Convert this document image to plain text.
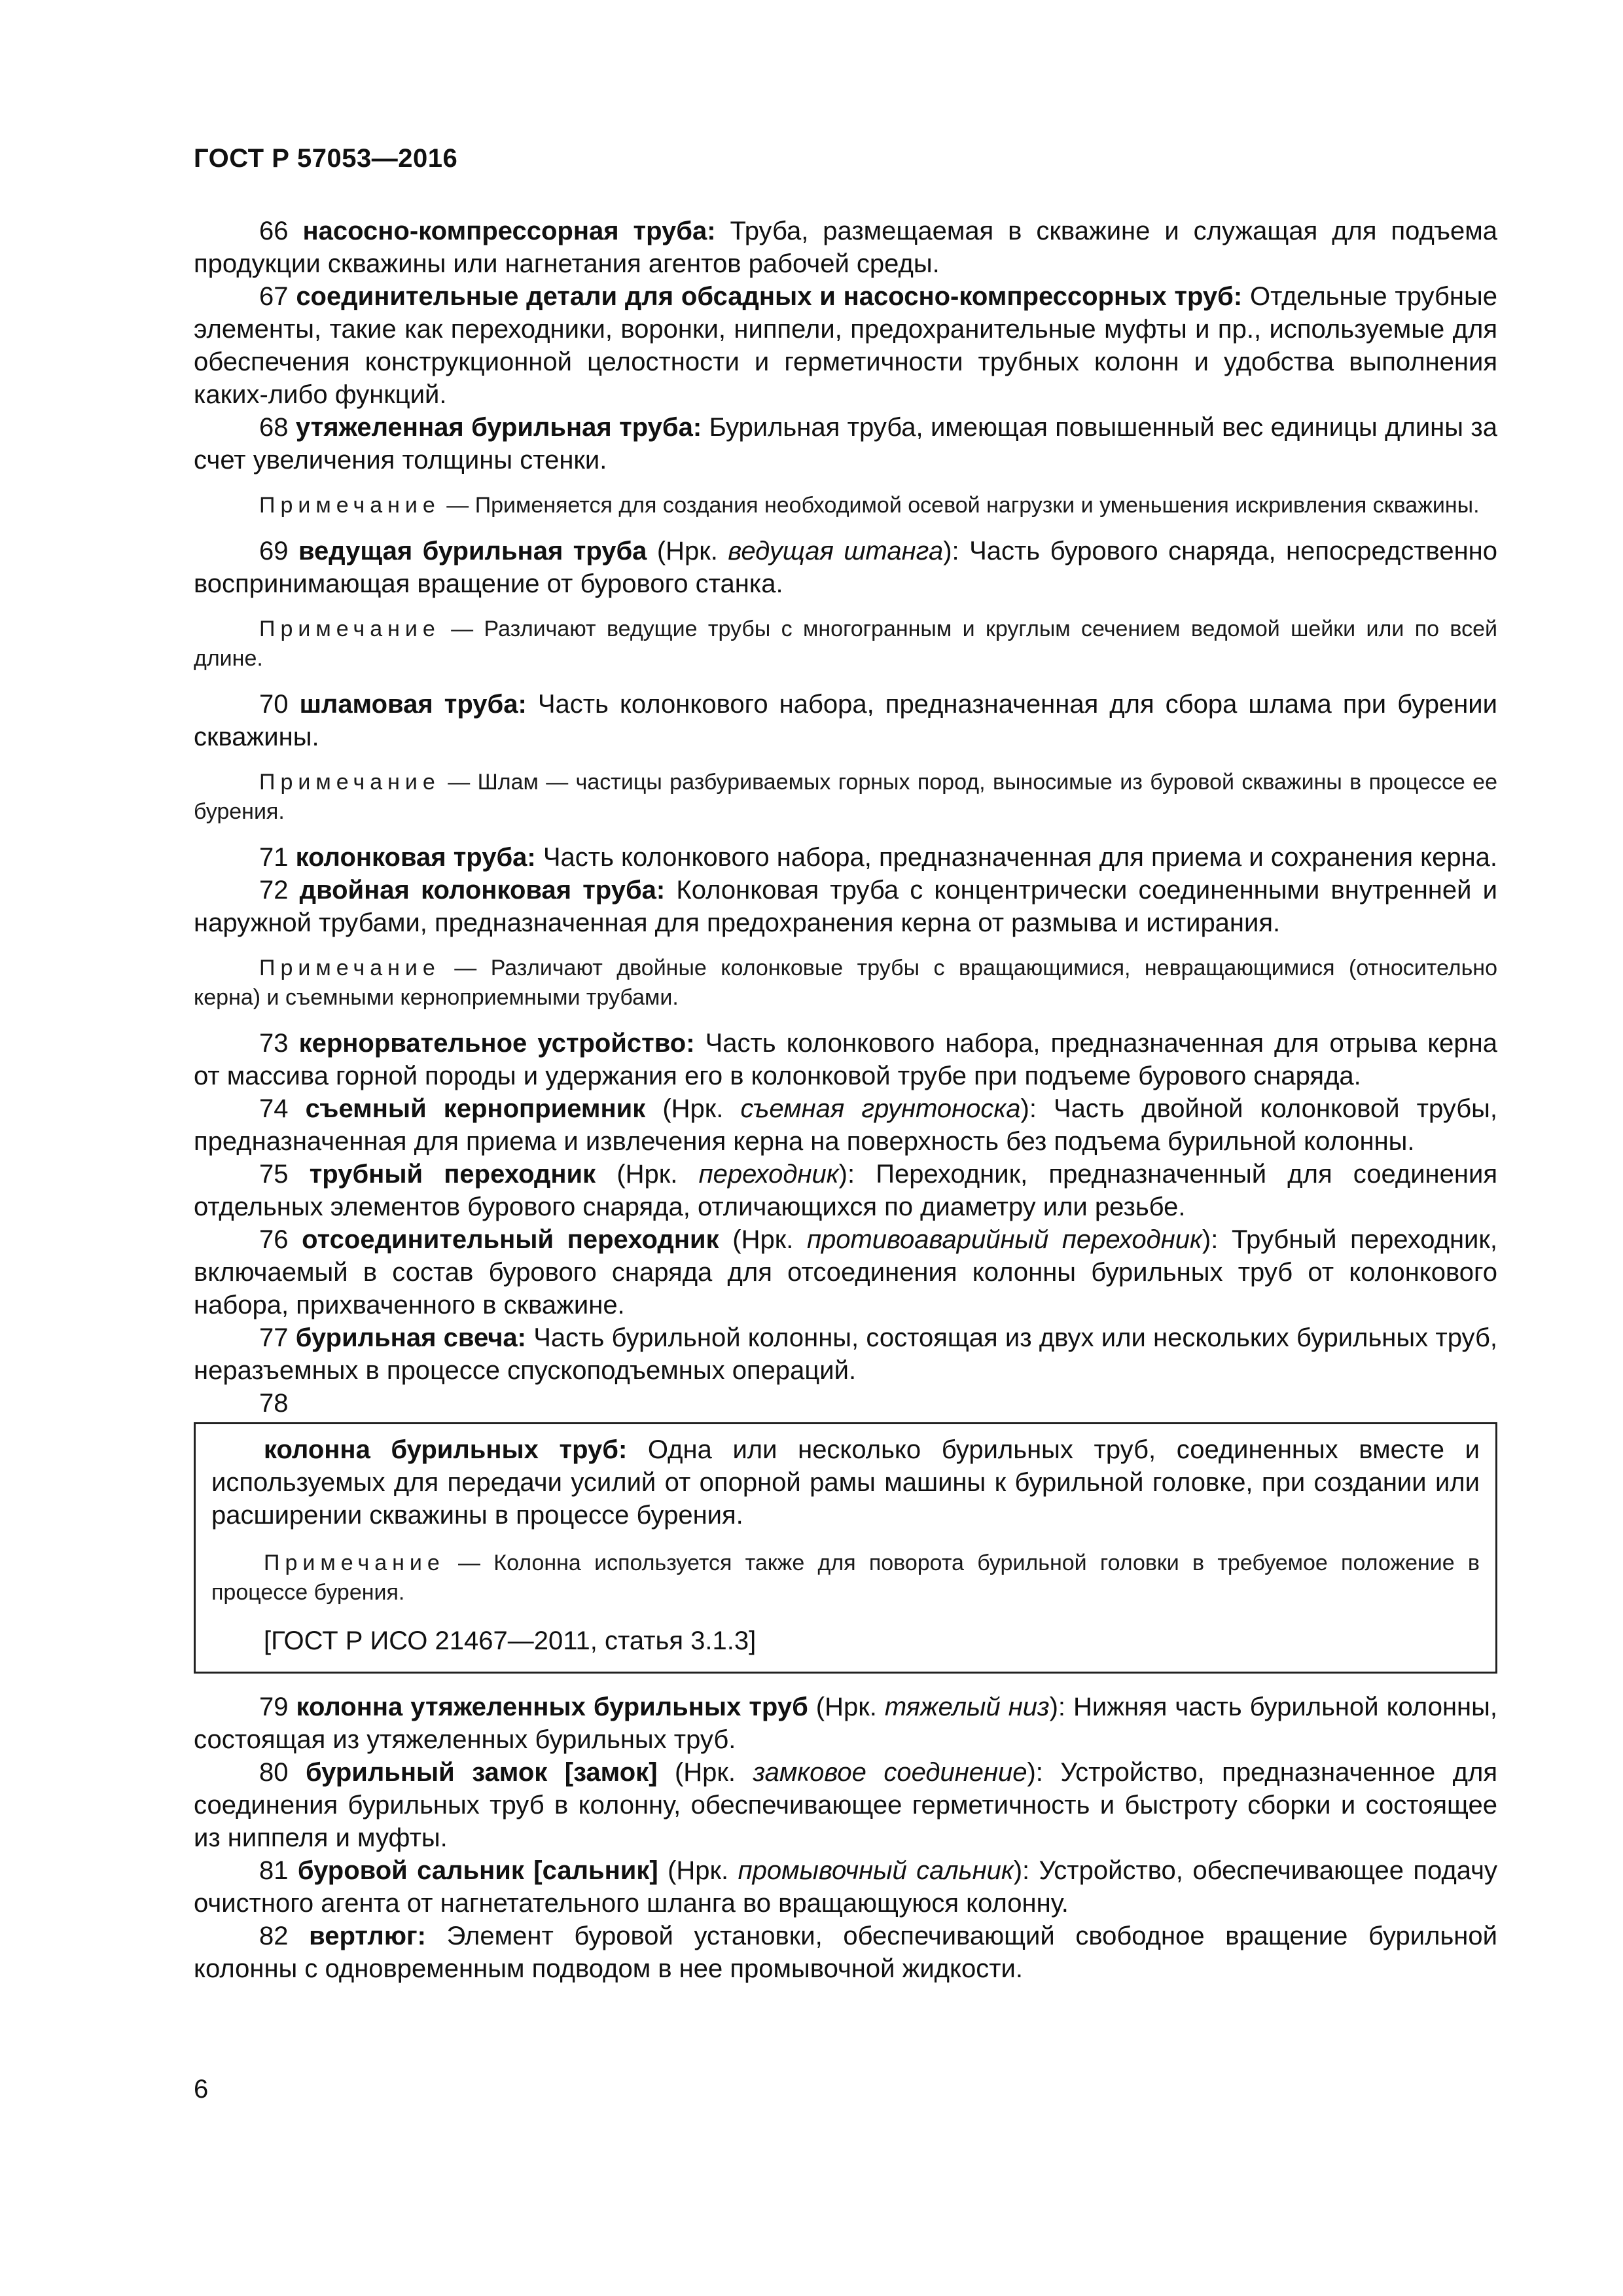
ГОСТ Р 57053—2016

66 насосно-компрессорная труба: Труба, размещаемая в скважине и служащая для подъема продукции скважины или нагнетания агентов рабочей среды.

67 соединительные детали для обсадных и насосно-компрессорных труб: Отдельные трубные элементы, такие как переходники, воронки, ниппели, предохранительные муфты и пр., используемые для обеспечения конструкционной целостности и герметичности трубных колонн и удобства выполнения каких-либо функций.

68 утяжеленная бурильная труба: Бурильная труба, имеющая повышенный вес единицы длины за счет увеличения толщины стенки.

Примечание — Применяется для создания необходимой осевой нагрузки и уменьшения искривления скважины.

69 ведущая бурильная труба (Нрк. ведущая штанга): Часть бурового снаряда, непосредственно воспринимающая вращение от бурового станка.

Примечание — Различают ведущие трубы с многогранным и круглым сечением ведомой шейки или по всей длине.

70 шламовая труба: Часть колонкового набора, предназначенная для сбора шлама при бурении скважины.

Примечание — Шлам — частицы разбуриваемых горных пород, выносимые из буровой скважины в процессе ее бурения.

71 колонковая труба: Часть колонкового набора, предназначенная для приема и сохранения керна.

72 двойная колонковая труба: Колонковая труба с концентрически соединенными внутренней и наружной трубами, предназначенная для предохранения керна от размыва и истирания.

Примечание — Различают двойные колонковые трубы с вращающимися, невращающимися (относительно керна) и съемными керноприемными трубами.

73 кернорвательное устройство: Часть колонкового набора, предназначенная для отрыва керна от массива горной породы и удержания его в колонковой трубе при подъеме бурового снаряда.

74 съемный керноприемник (Нрк. съемная грунтоноска): Часть двойной колонковой трубы, предназначенная для приема и извлечения керна на поверхность без подъема бурильной колонны.

75 трубный переходник (Нрк. переходник): Переходник, предназначенный для соединения отдельных элементов бурового снаряда, отличающихся по диаметру или резьбе.

76 отсоединительный переходник (Нрк. противоаварийный переходник): Трубный переходник, включаемый в состав бурового снаряда для отсоединения колонны бурильных труб от колонкового набора, прихваченного в скважине.

77 бурильная свеча: Часть бурильной колонны, состоящая из двух или нескольких бурильных труб, неразъемных в процессе спускоподъемных операций.

78

колонна бурильных труб: Одна или несколько бурильных труб, соединенных вместе и используемых для передачи усилий от опорной рамы машины к бурильной головке, при создании или расширении скважины в процессе бурения.

Примечание — Колонна используется также для поворота бурильной головки в требуемое положение в процессе бурения.

[ГОСТ Р ИСО 21467—2011, статья 3.1.3]

79 колонна утяжеленных бурильных труб (Нрк. тяжелый низ): Нижняя часть бурильной колонны, состоящая из утяжеленных бурильных труб.

80 бурильный замок [замок] (Нрк. замковое соединение): Устройство, предназначенное для соединения бурильных труб в колонну, обеспечивающее герметичность и быстроту сборки и состоящее из ниппеля и муфты.

81 буровой сальник [сальник] (Нрк. промывочный сальник): Устройство, обеспечивающее подачу очистного агента от нагнетательного шланга во вращающуюся колонну.

82 вертлюг: Элемент буровой установки, обеспечивающий свободное вращение бурильной колонны с одновременным подводом в нее промывочной жидкости.

6
